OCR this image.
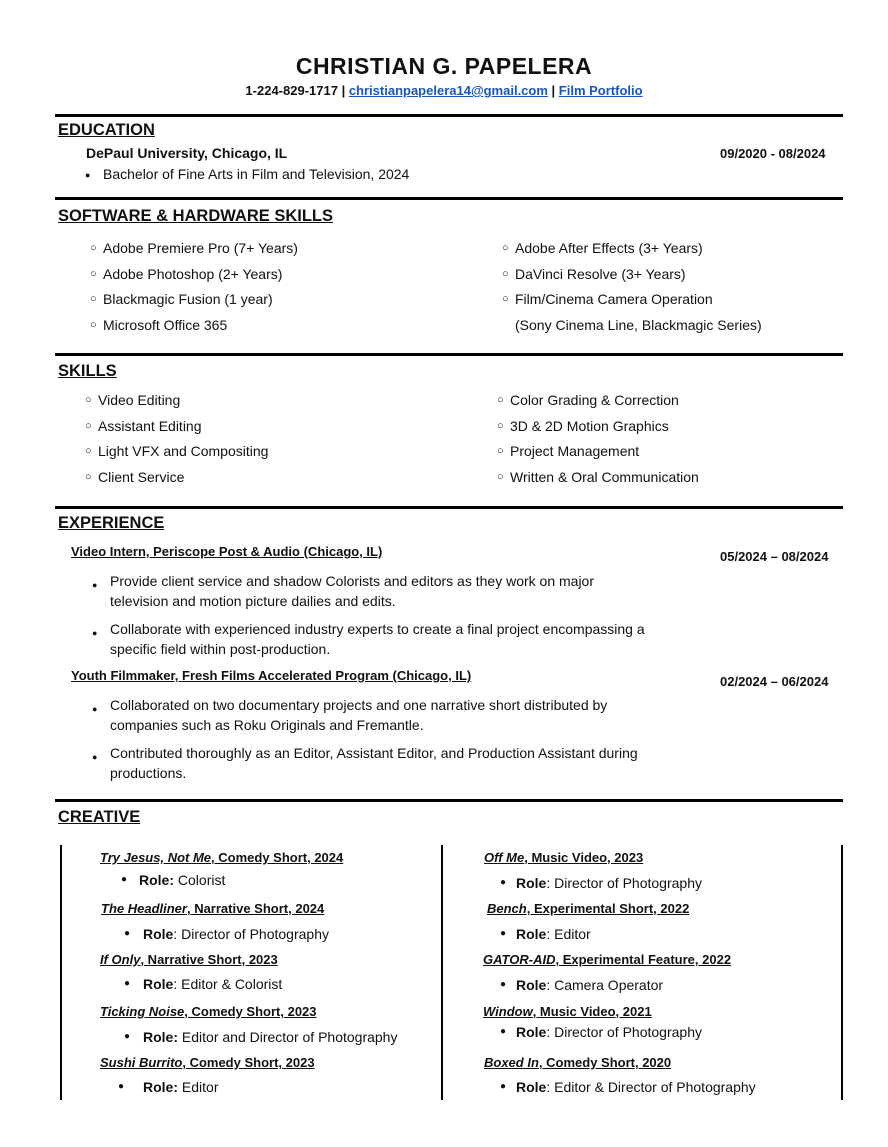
CHRISTIAN G. PAPELERA
1-224-829-1717 | christianpapelera14@gmail.com | Film Portfolio
EDUCATION
DePaul University, Chicago, IL	09/2020 - 08/2024
● Bachelor of Fine Arts in Film and Television, 2024
SOFTWARE & HARDWARE SKILLS
○ Adobe Premiere Pro (7+ Years)
○ Adobe Photoshop (2+ Years)
○ Blackmagic Fusion (1 year)
○ Microsoft Office 365
○ Adobe After Effects (3+ Years)
○ DaVinci Resolve (3+ Years)
○ Film/Cinema Camera Operation
(Sony Cinema Line, Blackmagic Series)
SKILLS
○ Video Editing
○ Assistant Editing
○ Light VFX and Compositing
○ Client Service
○ Color Grading & Correction
○ 3D & 2D Motion Graphics
○ Project Management
○ Written & Oral Communication
EXPERIENCE
Video Intern, Periscope Post & Audio (Chicago, IL)	05/2024 – 08/2024
● Provide client service and shadow Colorists and editors as they work on major television and motion picture dailies and edits.
● Collaborate with experienced industry experts to create a final project encompassing a specific field within post-production.
Youth Filmmaker, Fresh Films Accelerated Program (Chicago, IL)	02/2024 – 06/2024
● Collaborated on two documentary projects and one narrative short distributed by companies such as Roku Originals and Fremantle.
● Contributed thoroughly as an Editor, Assistant Editor, and Production Assistant during productions.
CREATIVE
Try Jesus, Not Me, Comedy Short, 2024
● Role: Colorist
The Headliner, Narrative Short, 2024
● Role: Director of Photography
If Only, Narrative Short, 2023
● Role: Editor & Colorist
Ticking Noise, Comedy Short, 2023
● Role: Editor and Director of Photography
Sushi Burrito, Comedy Short, 2023
● Role: Editor
Off Me, Music Video, 2023
● Role: Director of Photography
Bench, Experimental Short, 2022
● Role: Editor
GATOR-AID, Experimental Feature, 2022
● Role: Camera Operator
Window, Music Video, 2021
● Role: Director of Photography
Boxed In, Comedy Short, 2020
● Role: Editor & Director of Photography
